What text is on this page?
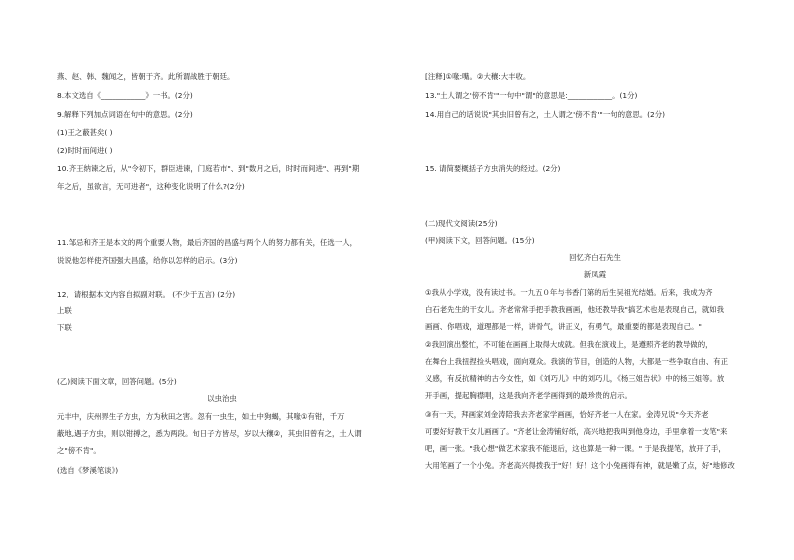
燕、赵、韩、魏闻之，皆朝于齐。此所谓战胜于朝廷。
8.本文选自《____________》一书。(2分)
9.解释下列加点词语在句中的意思。(2分)
(1)王之蔽甚矣( )
(2)时时而间进( )
10.齐王纳谏之后，从"令初下，群臣进谏，门庭若市"、到"数月之后，时时而间进"、再到"期
年之后，虽欲言，无可进者"，这种变化说明了什么?(2分)
11.邹忌和齐王是本文的两个重要人物，最后齐国的昌盛与两个人的努力都有关，任选一人，
说说他怎样使齐国强大昌盛，给你以怎样的启示。(3分)
12．请根据本文内容自拟副对联。 (不少于五言) (2分)
上联
下联
(乙)阅读下面文章，回答问题。(5分)
以虫治虫
元丰中，庆州界生子方虫，方为秋田之害。忽有一虫生，如土中狗蝎，其喙①有钳，千万
蔽地,遇子方虫，则以钳搏之，悉为两段。旬日子方皆尽，岁以大穰②，其虫旧曾有之，土人谓
之"傍不肯"。
(选自《梦溪笔谈》)
[注释]①喙:嘴。②大穰:大丰收。
13."土人谓之'傍不肯'"一句中"谓"的意思是:____________。(1分)
14.用自己的话说说"其虫旧曾有之，土人谓之'傍不肯'"一句的意思。(2分)
15. 请简要概括子方虫消失的经过。(2分)
(二)现代文阅读(25分)
(甲)阅读下文，回答问题。(15分)
回忆齐白石先生
新凤霞
①我从小学戏，没有读过书。一九五０年与书香门第的后生吴祖光结婚。后来，我成为齐
白石老先生的干女儿。齐老常常手把手教我画画，他还教导我"搞艺术也是表现自己，就如我
画画、你唱戏，道理都是一样，讲骨气，讲正义，有勇气，最重要的都是表现自己。"
②我回演出整忙，不可能在画画上取得大成就。但我在演戏上，是遵照齐老的教导做的，
在舞台上我扭捏捡头唱戏，面向观众。我演的节目，创造的人物，大都是一些争取自由、有正
义感，有反抗精神的古今女性，如《刘巧儿》中的刘巧儿，《杨三姐告状》中的杨三姐等。放
开手画，提起胸襟唱，这是我向齐老学画得到的最珍贵的启示。
③有一天，拜画家刘金涛陪我去齐老家学画画，恰好齐老一人在家。金涛兄说"今天齐老
可要好好教干女儿画画了。"齐老让金涛铺好纸，高兴地把我叫到他身边，手里拿着一支笔"来
吧，画一张。"我心想"做艺术家我不能退后，这也算是一种一课。" 于是我提笔，放开了手，
大用笔画了一个小兔。齐老高兴得拨我于"好！好！这个小兔画得有神，就是嫩了点，好"地修改
